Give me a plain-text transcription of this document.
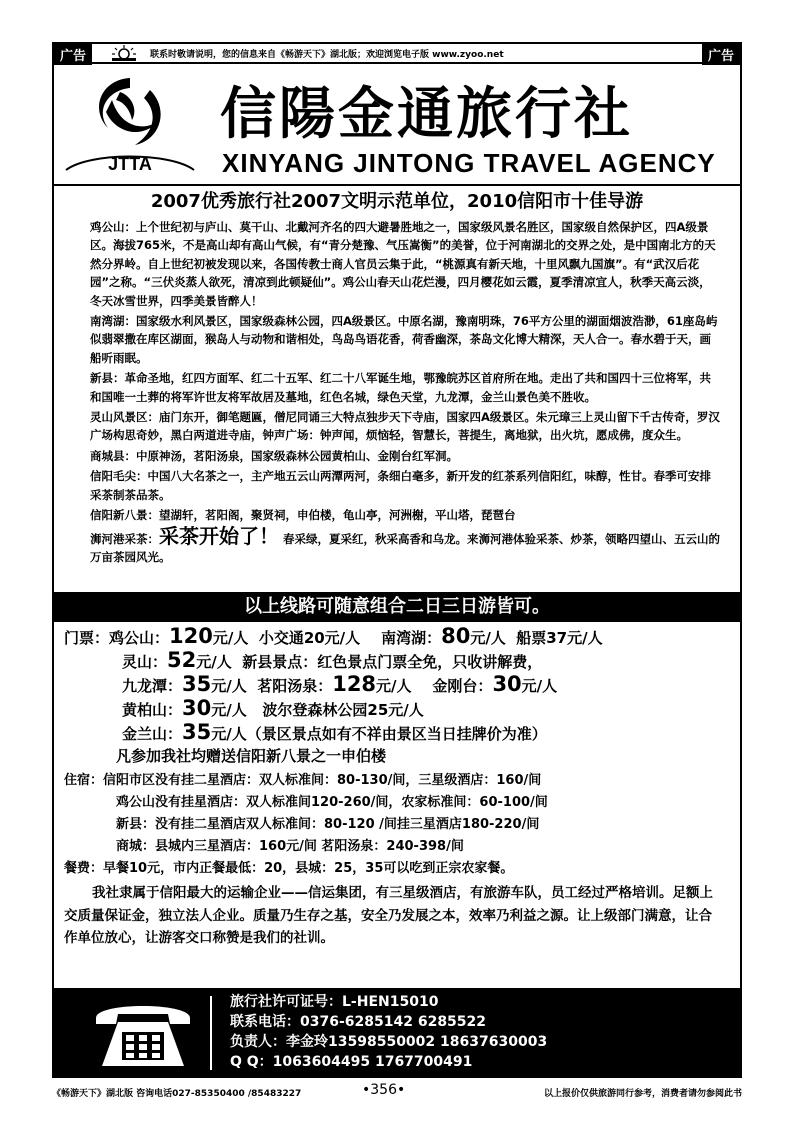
广告	联系时敬请说明，您的信息来自《畅游天下》湖北版；欢迎浏览电子版 www.zyoo.net	广告
JTTA
信陽金通旅行社
XINYANG JINTONG TRAVEL AGENCY
2007优秀旅行社2007文明示范单位，2010信阳市十佳导游
鸡公山：上个世纪初与庐山、莫干山、北戴河齐名的四大避暑胜地之一，国家级风景名胜区，国家级自然保护区，四A级景区。海拔765米，不是高山却有高山气候，有“青分楚豫、气压嵩衡”的美誉，位于河南湖北的交界之处，是中国南北方的天然分界岭。自上世纪初被发现以来，各国传教士商人官员云集于此，“桃源真有新天地，十里风飘九国旗”。有“武汉后花园”之称。“三伏炎蒸人欲死，清凉到此顿疑仙”。鸡公山春天山花烂漫，四月樱花如云霞，夏季清凉宜人，秋季天高云淡，冬天冰雪世界，四季美景皆醉人！
南湾湖：国家级水利风景区，国家级森林公园，四A级景区。中原名湖，豫南明珠，76平方公里的湖面烟波浩渺，61座岛屿似翡翠撒在库区湖面，猴岛人与动物和谐相处，鸟岛鸟语花香，荷香幽深，茶岛文化博大精深，天人合一。春水碧于天，画船听雨眠。
新县：革命圣地，红四方面军、红二十五军、红二十八军诞生地，鄂豫皖苏区首府所在地。走出了共和国四十三位将军，共和国唯一土葬的将军许世友将军故居及墓地，红色名城，绿色天堂，九龙潭，金兰山景色美不胜收。
灵山风景区：庙门东开，御笔题匾，僧尼同诵三大特点独步天下寺庙，国家四A级景区。朱元璋三上灵山留下千古传奇，罗汉广场构思奇妙，黑白两道进寺庙，钟声广场：钟声闻，烦恼轻，智慧长，菩提生，离地狱，出火坑，愿成佛，度众生。
商城县：中原神汤，茗阳汤泉，国家级森林公园黄柏山、金刚台红军洞。
信阳毛尖：中国八大名茶之一，主产地五云山两潭两河，条细白毫多，新开发的红茶系列信阳红，味醇，性甘。春季可安排采茶制茶品茶。
信阳新八景：望湖轩，茗阳阁，聚贤祠，申伯楼，龟山亭，河洲榭，平山塔，琵琶台
浉河港采茶：采茶开始了！ 春采绿，夏采红，秋采高香和乌龙。来浉河港体验采茶、炒茶，领略四望山、五云山的万亩茶园风光。
以上线路可随意组合二日三日游皆可。
门票：鸡公山：120元/人 小交通20元/人 南湾湖：80元/人 船票37元/人
灵山：52元/人 新县景点：红色景点门票全免，只收讲解费，
九龙潭：35元/人 茗阳汤泉：128元/人 金刚台：30元/人
黄柏山：30元/人 波尔登森林公园25元/人
金兰山：35元/人（景区景点如有不祥由景区当日挂牌价为准）
凡参加我社均赠送信阳新八景之一申伯楼
住宿：信阳市区没有挂二星酒店：双人标准间：80-130/间，三星级酒店：160/间
鸡公山没有挂星酒店：双人标准间120-260/间，农家标准间：60-100/间
新县：没有挂二星酒店双人标准间：80-120 /间挂三星酒店180-220/间
商城：县城内三星酒店：160元/间 茗阳汤泉：240-398/间
餐费：早餐10元，市内正餐最低：20，县城：25，35可以吃到正宗农家餐。
我社隶属于信阳最大的运输企业——信运集团，有三星级酒店，有旅游车队，员工经过严格培训。足额上交质量保证金，独立法人企业。质量乃生存之基，安全乃发展之本，效率乃利益之源。让上级部门满意，让合作单位放心，让游客交口称赞是我们的社训。
旅行社许可证号：L-HEN15010
联系电话：0376-6285142 6285522
负责人：李金玲13598550002 18637630003
Q Q：1063604495 1767700491
《畅游天下》湖北版 咨询电话027-85350400 /85483227	•356•	以上报价仅供旅游同行参考，消费者请勿参阅此书
